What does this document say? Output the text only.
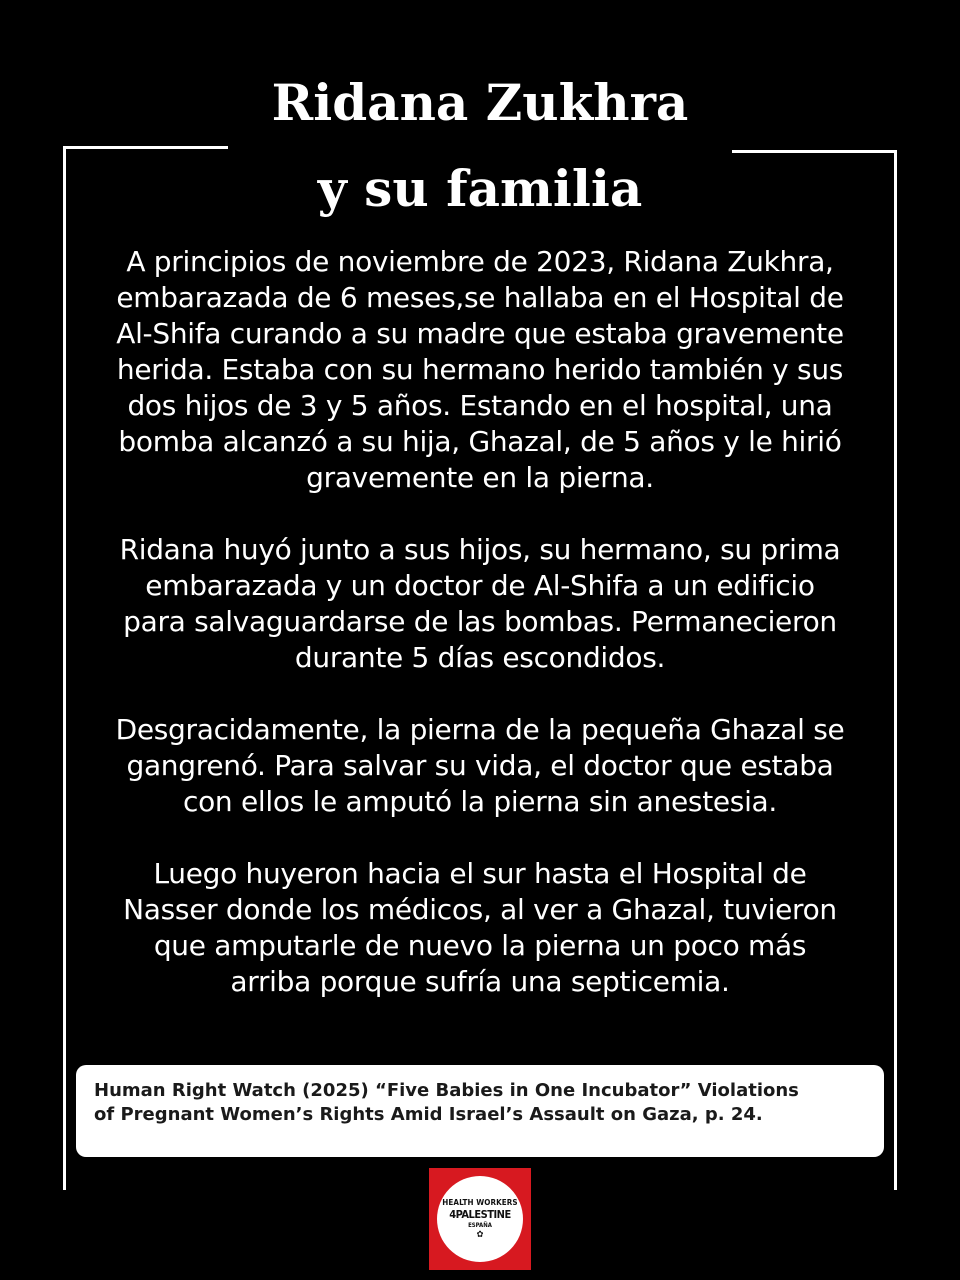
Ridana Zukhra
y su familia

A principios de noviembre de 2023, Ridana Zukhra,
embarazada de 6 meses,se hallaba en el Hospital de
Al-Shifa curando a su madre que estaba gravemente
herida. Estaba con su hermano herido también y sus
dos hijos de 3 y 5 años. Estando en el hospital, una
bomba alcanzó a su hija, Ghazal, de 5 años y le hirió
gravemente en la pierna.

Ridana huyó junto a sus hijos, su hermano, su prima
embarazada y un doctor de Al-Shifa a un edificio
para salvaguardarse de las bombas. Permanecieron
durante 5 días escondidos.

Desgracidamente, la pierna de la pequeña Ghazal se
gangrenó. Para salvar su vida, el doctor que estaba
con ellos le amputó la pierna sin anestesia.

Luego huyeron hacia el sur hasta el Hospital de
Nasser donde los médicos, al ver a Ghazal, tuvieron
que amputarle de nuevo la pierna un poco más
arriba porque sufría una septicemia.

Human Right Watch (2025) “Five Babies in One Incubator” Violations
of Pregnant Women’s Rights Amid Israel’s Assault on Gaza, p. 24.
HEALTH WORKERS
4PALESTINE
ESPAÑA
✿
